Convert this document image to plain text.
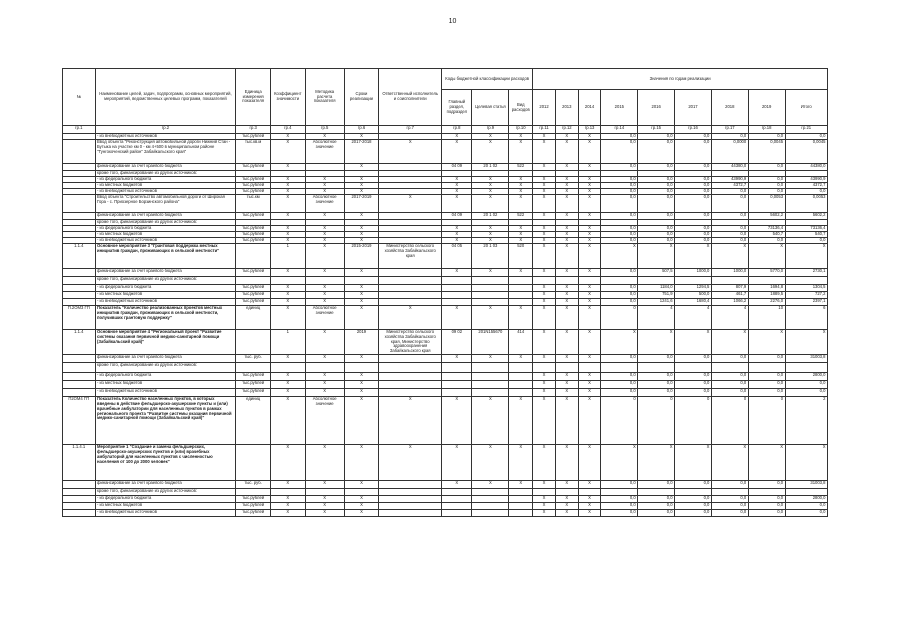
10
№	Наименование целей, задач, подпрограмм, основных мероприятий, мероприятий, ведомственных целевых программ, показателей	Единица измерения показателя	Коэффициент значимости	Методика расчета показателя	Сроки реализации	Ответственный исполнитель и соисполнители	Коды бюджетной классификации расходов			Значения по годам реализации								
							Главный раздел, подраздел	Целевая статья	Вид расходов	2012	2013	2014	2015	2016	2017	2018	2019	Итого
гр.1	гр.2	гр.3	гр.4	гр.5	гр.6	гр.7	гр.8	гр.9	гр.10	гр.11	гр.12	гр.13	гр.14	гр.15	гр.16	гр.17	гр.18	гр.21
	- из внебюджетных источников	тыс.рублей	Х	Х	Х		Х	Х	Х	Х	Х	Х	0,0	0,0	0,0	0,0	0,0	0,0
	Ввод объекта "Реконструкция автомобильной дороги Нижний Стан - Бутыка на участке км 0 - км 4+500 в муниципальном районе "Тунгокоченский район" Забайкальского края"	тыс.кв.м	Х	Абсолютное значение	2017-2018	Х	Х	Х	Х	Х	Х	Х	0,0	0,0	0,0	0,0000	0,0045	0,0045
	финансирование за счет краевого бюджета	тыс.рублей	Х		Х		04 09	20 1 02	522	Х	Х	Х	0,0	0,0	0,0	44380,0	0,0	44380,0
	кроме того, финансирование из других источников:																	
	- из федерального бюджета	тыс.рублей	Х	Х	Х		Х	Х	Х	Х	Х	Х	0,0	0,0	0,0	43990,9	0,0	43990,9
	- из местных бюджетов	тыс.рублей	Х	Х	Х		Х	Х	Х	Х	Х	Х	0,0	0,0	0,0	4372,7	0,0	4372,7
	- из внебюджетных источников	тыс.рублей	Х	Х	Х		Х	Х	Х	Х	Х	Х	0,0	0,0	0,0	0,0	0,0	0,0
	Ввод объекта "Строительство автомобильной дороги от Широкая Гора - с. Приозерное Борзинского района"	тыс.км	Х	Абсолютное значение	2017-2019	Х	Х	Х	Х	Х	Х	Х	0,0	0,0	0,0	0,0	0,0053	0,0053
	финансирование за счет краевого бюджета	тыс.рублей	Х	Х	Х		04 09	20 1 02	522	Х	Х	Х	0,0	0,0	0,0	0,0	5602,2	5602,2
	кроме того, финансирование из других источников:																	
	- из федерального бюджета	тыс.рублей	Х	Х	Х		Х	Х	Х	Х	Х	Х	0,0	0,0	0,0	0,0	73136,4	73136,4
	- из местных бюджетов	тыс.рублей	Х	Х	Х		Х	Х	Х	Х	Х	Х	0,0	0,0	0,0	0,0	540,7	540,7
	- из внебюджетных источников	тыс.рублей	Х	Х	Х		Х	Х	Х	Х	Х	Х	0,0	0,0	0,0	0,0	0,0	0,0
1.1.4	Основное мероприятие 3 "Грантовая поддержка местных инициатив граждан, проживающих в сельской местности"		1	Х	2015-2019	Министерство сельского хозяйства Забайкальского края	04 05	20 1 03	520	Х	Х	Х	Х	Х	Х	Х	Х	Х
	финансирование за счет краевого бюджета	тыс.рублей	Х	Х	Х		Х	Х	Х	Х	Х	Х	0,0	507,5	1000,0	1000,0	5770,0	2730,1
	кроме того, финансирование из других источников:																	
	- из федерального бюджета	тыс.рублей	Х	Х	Х					Х	Х	Х	0,0	1184,0	1294,5	807,9	1694,8	1304,5
	- из местных бюджетов	тыс.рублей	Х	Х	Х					Х	Х	Х	0,0	751,9	500,0	461,7	1889,5	727,2
	- из внебюджетных источников	тыс.рублей	Х	Х	Х					Х	Х	Х	0,0	1241,6	1680,4	1066,2	2276,0	2397,1
П.2ОМ3 ГП	Показатель "Количество реализованных проектов местных инициатив граждан, проживающих в сельской местности, получивших грантовую поддержку"	единиц	Х	Абсолютное значение	Х	Х	Х	Х	Х	Х	Х	Х	0	4	4	4	10	6
1.1.4	Основное мероприятие 4 "Региональный проект "Развитие системы оказания первичной медико-санитарной помощи (Забайкальский край)"		1	Х	2019	Министерство сельского хозяйства Забайкальского края, Министерство здравоохранения Забайкальского края	09 02	201N155670	414	Х	Х	Х	Х	Х	Х	Х	Х	Х
	финансирование за счет краевого бюджета	тыс. руб.	Х	Х	Х		Х	Х	Х	Х	Х	Х	0,0	0,0	0,0	0,0	0,0	31003,8
	кроме того, финансирование из других источников:																	
	- из федерального бюджета	тыс.рублей	Х	Х	Х					Х	Х	Х	0,0	0,0	0,0	0,0	0,0	2800,0
	- из местных бюджетов	тыс.рублей	Х	Х	Х					Х	Х	Х	0,0	0,0	0,0	0,0	0,0	0,0
	- из внебюджетных источников	тыс.рублей	Х	Х	Х					Х	Х	Х	0,0	0,0	0,0	0,0	0,0	0,0
П2ОМ4 ГП	Показатель Количество населенных пунктов, в которых введены в действие фельдшерско-акушерские пункты и (или) врачебные амбулатории для населенных пунктов в рамках регионального проекта "Развитие системы оказания первичной медико-санитарной помощи (Забайкальский край)"	единиц	Х	Абсолютное значение	Х	Х	Х	Х	Х	Х	Х	Х	0	0	0	0	0	2
1.1.4.1	Мероприятие 1 "Создание и замена фельдшерских, фельдшерско-акушерских пунктов и (или) врачебных амбулаторий для населенных пунктов с численностью населения от 100 до 2000 человек"		Х	Х	Х	Х	Х	Х	Х	Х	Х	Х	Х	Х	Х	Х	Х	Х
	финансирование за счет краевого бюджета	тыс. руб.	Х	Х	Х		Х	Х	Х	Х	Х	Х	0,0	0,0	0,0	0,0	0,0	31003,8
	кроме того, финансирование из других источников:																	
	- из федерального бюджета	тыс.рублей	Х	Х	Х					Х	Х	Х	0,0	0,0	0,0	0,0	0,0	2800,0
	- из местных бюджетов	тыс.рублей	Х	Х	Х					Х	Х	Х	0,0	0,0	0,0	0,0	0,0	0,0
	- из внебюджетных источников	тыс.рублей	Х	Х	Х					Х	Х	Х	0,0	0,0	0,0	0,0	0,0	0,0
